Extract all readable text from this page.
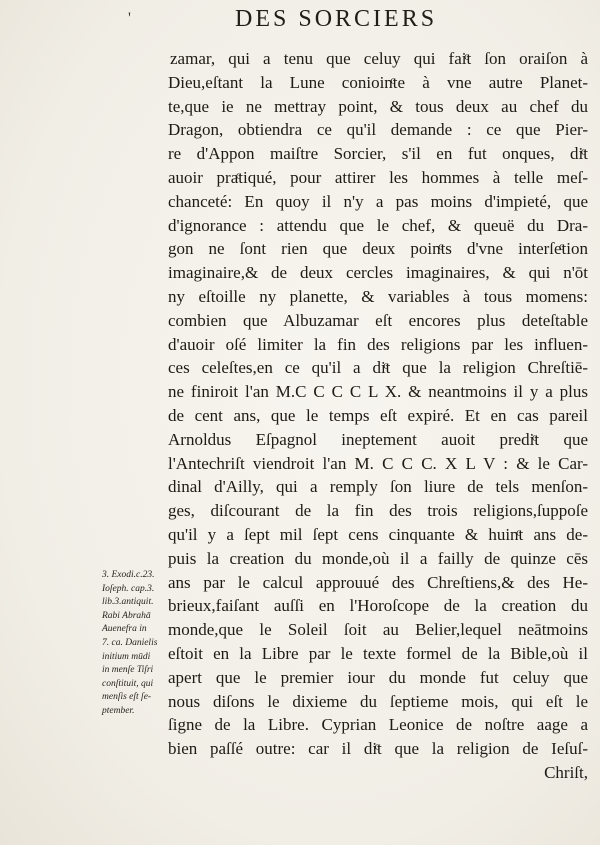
'	DES SORCIERS
zamar, qui a tenu que celuy qui faiͨt ſon oraiſon à
Dieu,eſtant la Lune conioinͨte à vne autre Planet-
te,que ie ne mettray point, & tous deux au chef du
Dragon, obtiendra ce qu'il demande : ce que Pier-
re d'Appon maiſtre Sorcier, s'il en fut onques, diͨt
auoir praͨtiqué, pour attirer les hommes à telle meſ-
chanceté: En quoy il n'y a pas moins d'impieté, que
d'ignorance : attendu que le chef, & queuë du Dra-
gon ne ſont rien que deux poinͨts d'vne interſeͨtion
imaginaire,& de deux cercles imaginaires, & qui n'ōt
ny eſtoille ny planette, & variables à tous momens:
combien que Albuzamar eſt encores plus deteſtable
d'auoir oſé limiter la fin des religions par les influen-
ces celeſtes,en ce qu'il a diͨt que la religion Chreſtiē-
ne finiroit l'an M.C C C C L X. & neantmoins il y a plus
de cent ans, que le temps eſt expiré. Et en cas pareil
Arnoldus Eſpagnol ineptement auoit prediͨt que
l'Antechriſt viendroit l'an M. C C C. X L V : & le Car-
dinal d'Ailly, qui a remply ſon liure de tels menſon-
ges, diſcourant de la fin des trois religions,ſuppoſe
qu'il y a ſept mil ſept cens cinquante & huinͨt ans de-
puis la creation du monde,où il a failly de quinze cēs
ans par le calcul approuué des Chreſtiens,& des He-
brieux,faiſant auſſi en l'Horoſcope de la creation du
monde,que le Soleil ſoit au Belier,lequel neātmoins
eſtoit en la Libre par le texte formel de la Bible,où il
apert que le premier iour du monde fut celuy que
nous diſons le dixieme du ſeptieme mois, qui eſt le
ſigne de la Libre. Cyprian Leonice de noſtre aage a
bien paſſé outre: car il diͨt que la religion de Ieſuſ-
Chriſt,
3. Exodi.c.23.
Ioſeph. cap.3.
lib.3.antiquit.
Rabi Abrahā
Auenefra in
7. ca. Danielis
initium mūdi
in menſe Tiſri
conſtituit, qui
menſis eſt ſe-
ptember.
